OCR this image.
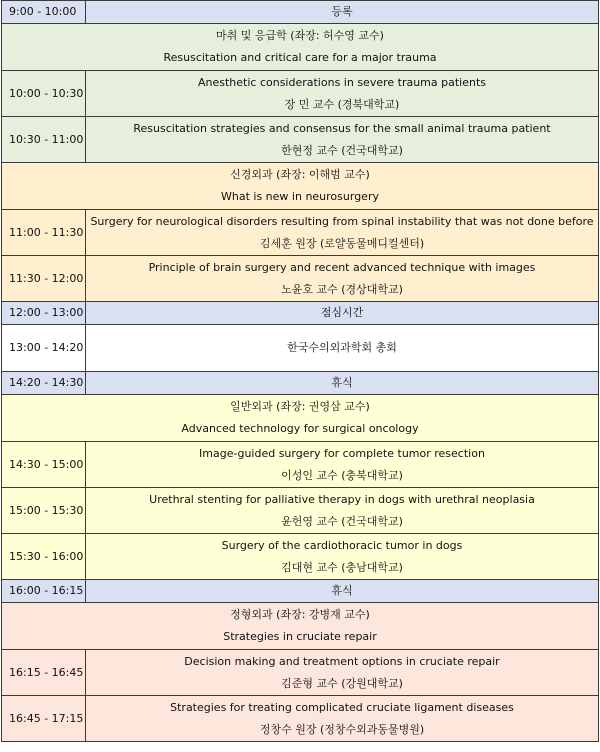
9:00 - 10:00	등록

마취 및 응급학 (좌장: 허수영 교수)
Resuscitation and critical care for a major trauma	

10:00 - 10:30	Anesthetic considerations in severe trauma patients
장 민 교수 (경북대학교)

10:30 - 11:00	Resuscitation strategies and consensus for the small animal trauma patient
한현정 교수 (건국대학교)

신경외과 (좌장: 이해범 교수)
What is new in neurosurgery	

11:00 - 11:30	Surgery for neurological disorders resulting from spinal instability that was not done before
김세훈 원장 (로얄동물메디컬센터)

11:30 - 12:00	Principle of brain surgery and recent advanced technique with images
노윤호 교수 (경상대학교)

12:00 - 13:00	점심시간

13:00 - 14:20	한국수의외과학회 총회

14:20 - 14:30	휴식

일반외과 (좌장: 권영삼 교수)
Advanced technology for surgical oncology	

14:30 - 15:00	Image-guided surgery for complete tumor resection
이성인 교수 (충북대학교)

15:00 - 15:30	Urethral stenting for palliative therapy in dogs with urethral neoplasia
윤헌영 교수 (건국대학교)

15:30 - 16:00	Surgery of the cardiothoracic tumor in dogs
김대현 교수 (충남대학교)

16:00 - 16:15	휴식

정형외과 (좌장: 강병재 교수)
Strategies in cruciate repair	

16:15 - 16:45	Decision making and treatment options in cruciate repair
김준형 교수 (강원대학교)

16:45 - 17:15	Strategies for treating complicated cruciate ligament diseases
정창수 원장 (정창수외과동물병원)
